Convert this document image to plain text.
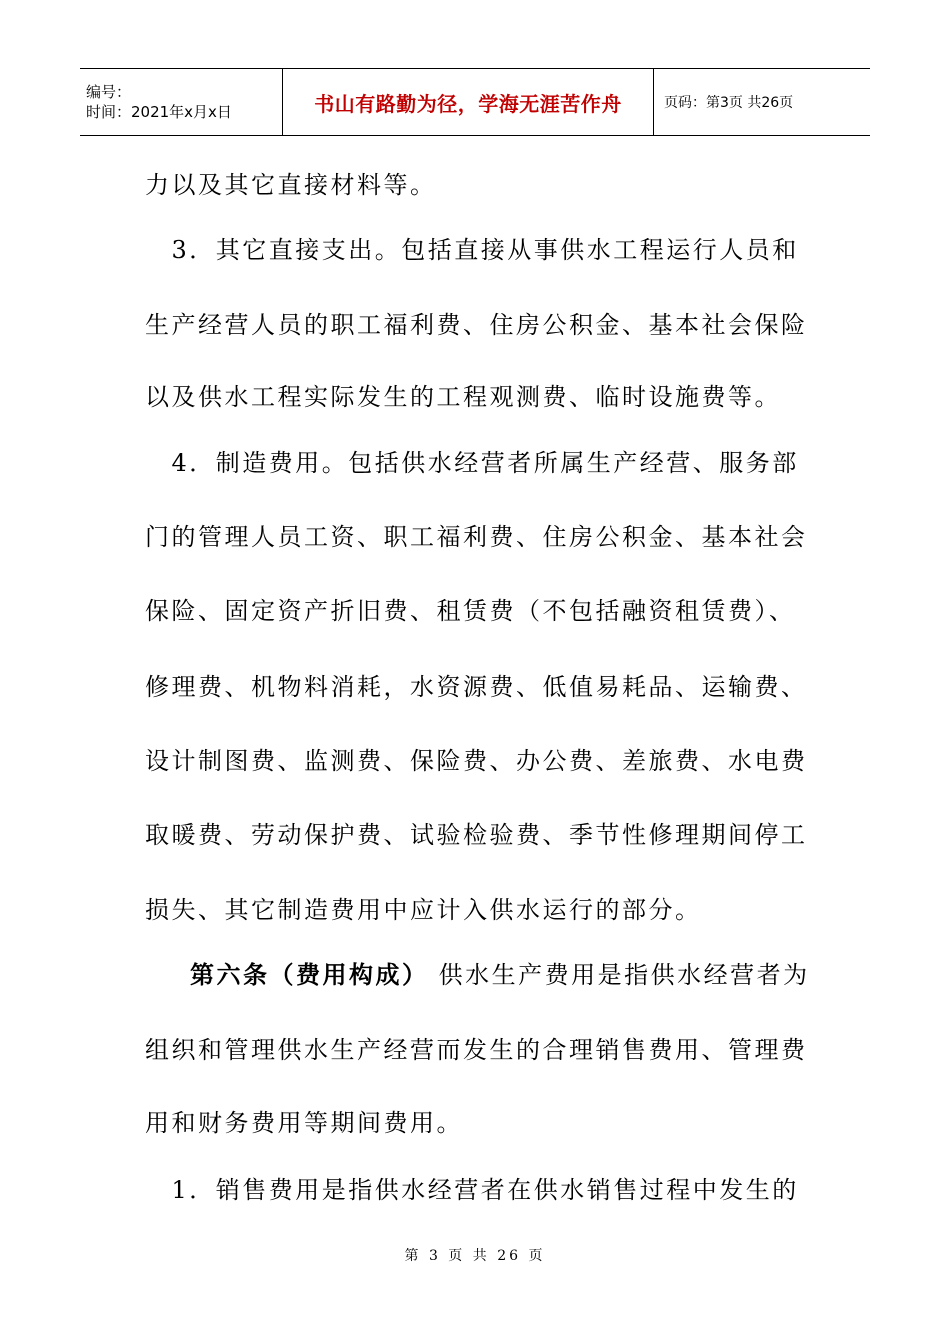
编号：
时间：2021年x月x日	书山有路勤为径，学海无涯苦作舟	页码：第3页 共26页
力以及其它直接材料等。
　3．其它直接支出。包括直接从事供水工程运行人员和
生产经营人员的职工福利费、住房公积金、基本社会保险
以及供水工程实际发生的工程观测费、临时设施费等。
　4．制造费用。包括供水经营者所属生产经营、服务部
门的管理人员工资、职工福利费、住房公积金、基本社会
保险、固定资产折旧费、租赁费（不包括融资租赁费）、
修理费、机物料消耗，水资源费、低值易耗品、运输费、
设计制图费、监测费、保险费、办公费、差旅费、水电费
取暖费、劳动保护费、试验检验费、季节性修理期间停工
损失、其它制造费用中应计入供水运行的部分。
第六条（费用构成） 供水生产费用是指供水经营者为
组织和管理供水生产经营而发生的合理销售费用、管理费
用和财务费用等期间费用。
　1．销售费用是指供水经营者在供水销售过程中发生的
第 3 页 共 26 页
